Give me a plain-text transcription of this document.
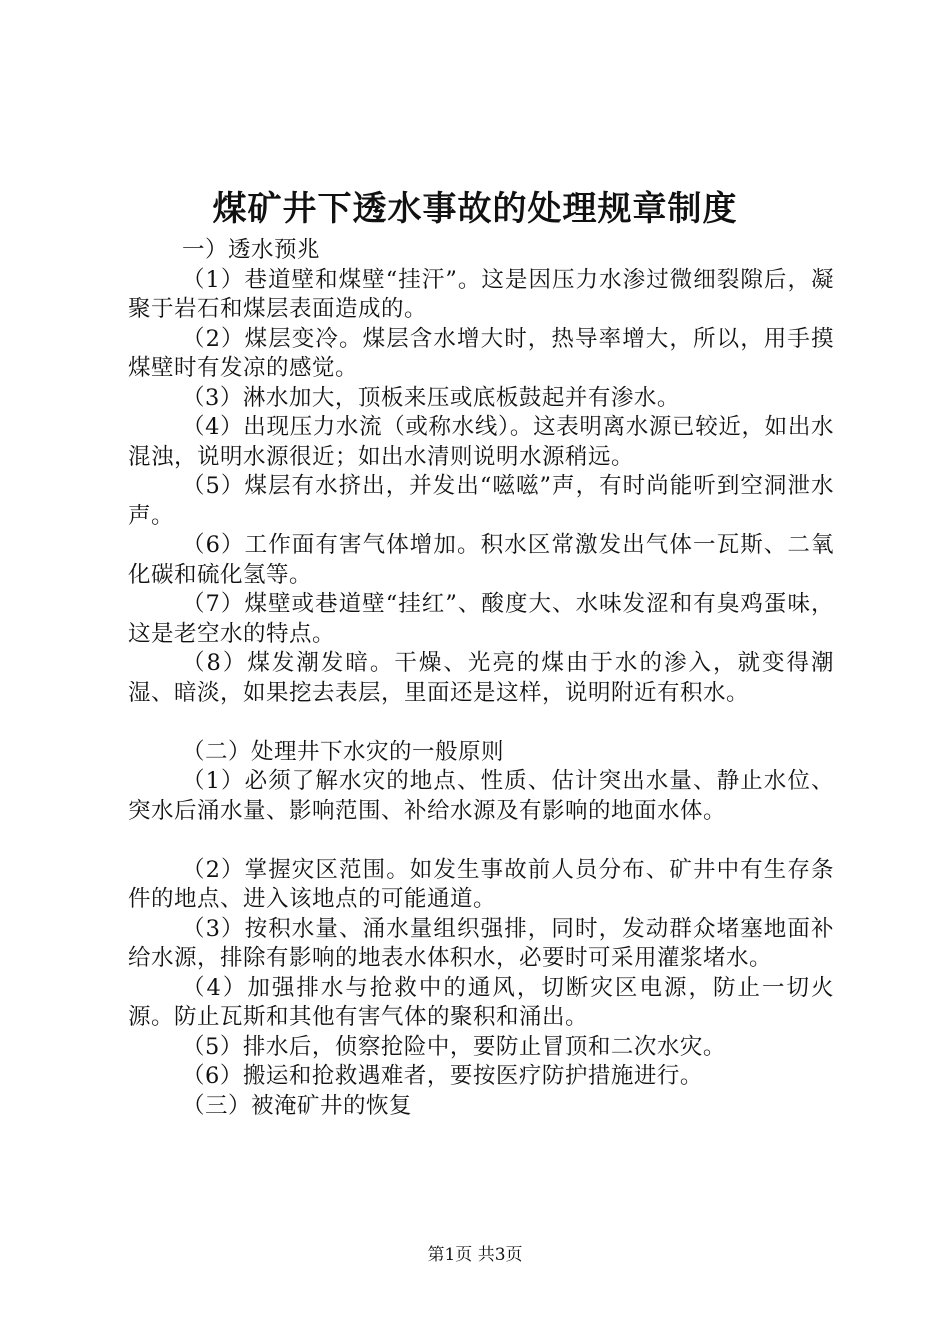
煤矿井下透水事故的处理规章制度

一）透水预兆

（1）巷道壁和煤壁“挂汗”。这是因压力水渗过微细裂隙后，凝聚于岩石和煤层表面造成的。

（2）煤层变冷。煤层含水增大时，热导率增大，所以，用手摸煤壁时有发凉的感觉。

（3）淋水加大，顶板来压或底板鼓起并有渗水。

（4）出现压力水流（或称水线）。这表明离水源已较近，如出水混浊，说明水源很近；如出水清则说明水源稍远。

（5）煤层有水挤出，并发出“嗞嗞”声，有时尚能听到空洞泄水声。

（6）工作面有害气体增加。积水区常激发出气体一瓦斯、二氧化碳和硫化氢等。

（7）煤壁或巷道壁“挂红”、酸度大、水味发涩和有臭鸡蛋味，这是老空水的特点。

（8）煤发潮发暗。干燥、光亮的煤由于水的渗入，就变得潮湿、暗淡，如果挖去表层，里面还是这样，说明附近有积水。

（二）处理井下水灾的一般原则

（1）必须了解水灾的地点、性质、估计突出水量、静止水位、突水后涌水量、影响范围、补给水源及有影响的地面水体。

（2）掌握灾区范围。如发生事故前人员分布、矿井中有生存条件的地点、进入该地点的可能通道。

（3）按积水量、涌水量组织强排，同时，发动群众堵塞地面补给水源，排除有影响的地表水体积水，必要时可采用灌浆堵水。

（4）加强排水与抢救中的通风，切断灾区电源，防止一切火源。防止瓦斯和其他有害气体的聚积和涌出。

（5）排水后，侦察抢险中，要防止冒顶和二次水灾。

（6）搬运和抢救遇难者，要按医疗防护措施进行。

（三）被淹矿井的恢复

第1页 共3页
